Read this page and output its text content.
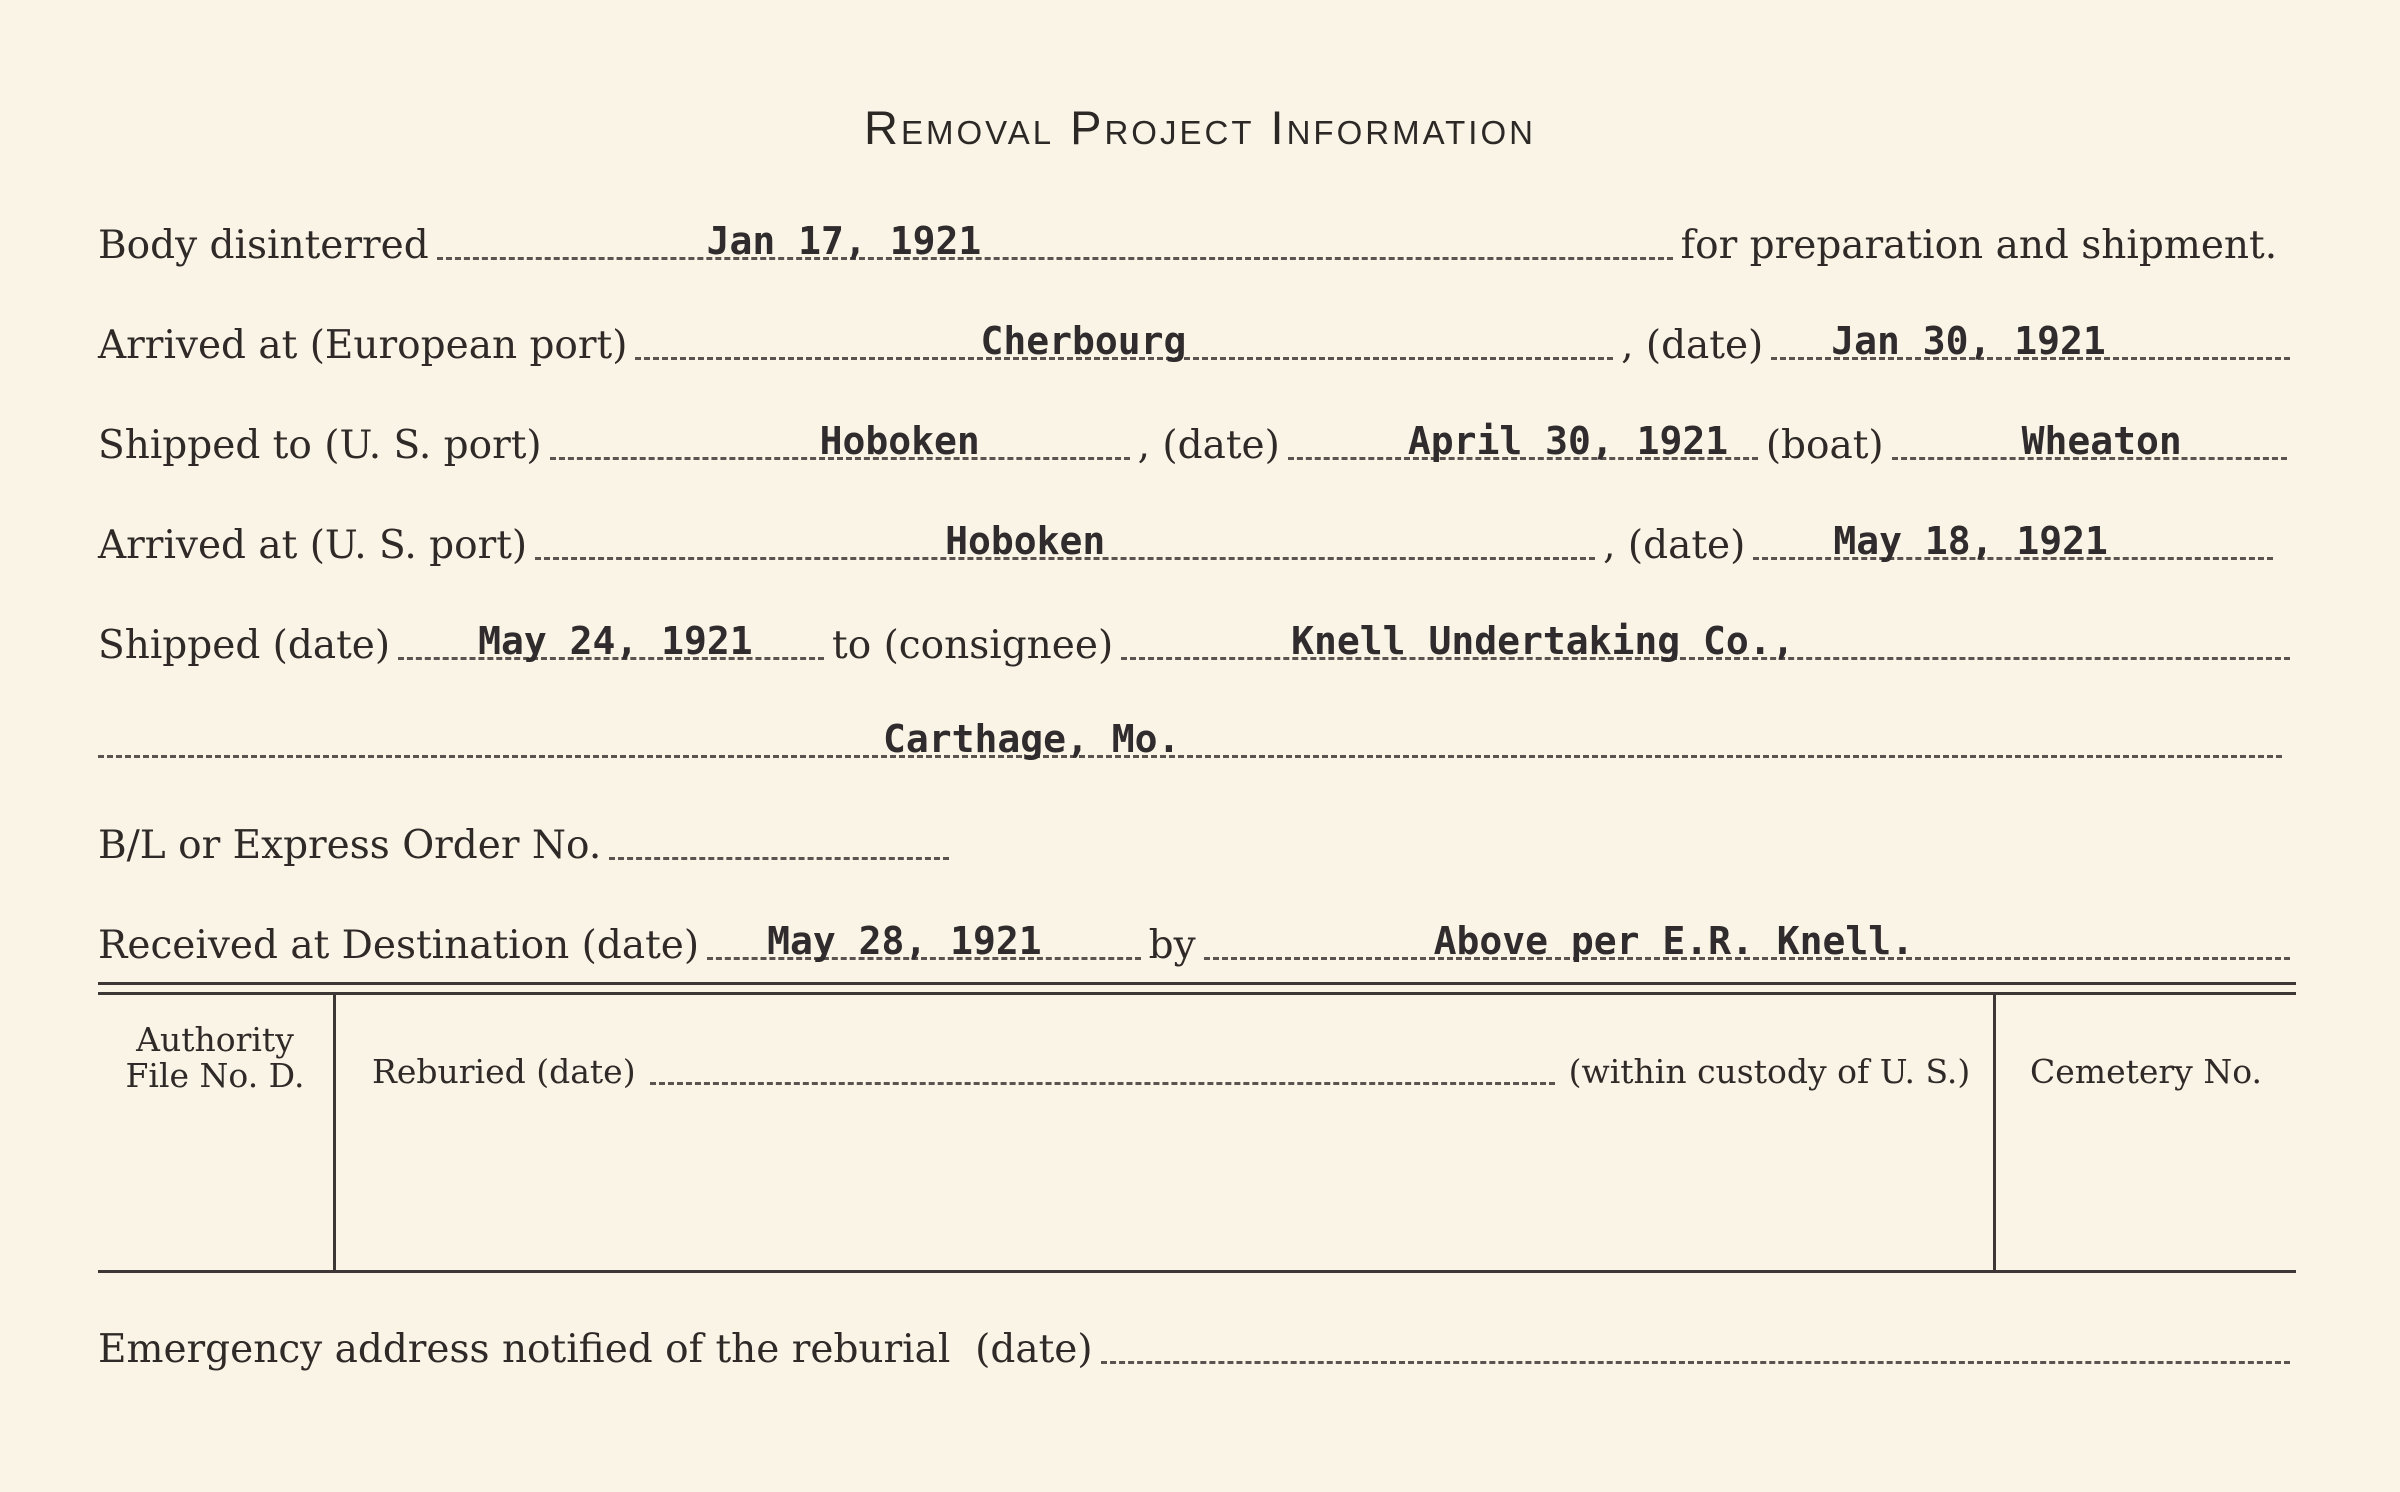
Removal Project Information
Body disinterred	Jan 17, 1921	for preparation and shipment.
Arrived at (European port)	Cherbourg	, (date) Jan 30, 1921
Shipped to (U. S. port)	Hoboken	, (date)	April 30, 1921 (boat)	Wheaton
Arrived at (U. S. port)	Hoboken	, (date) May 18, 1921
Shipped (date) May 24, 1921 to (consignee)	Knell Undertaking Co.,
Carthage, Mo.
B/L or Express Order No.
Received at Destination (date) May 28, 1921	by	Above per E.R. Knell.
Authority
File No. D.	Reburied (date)	(within custody of U. S.)	Cemetery No.
Emergency address notified of the reburial  (date)
